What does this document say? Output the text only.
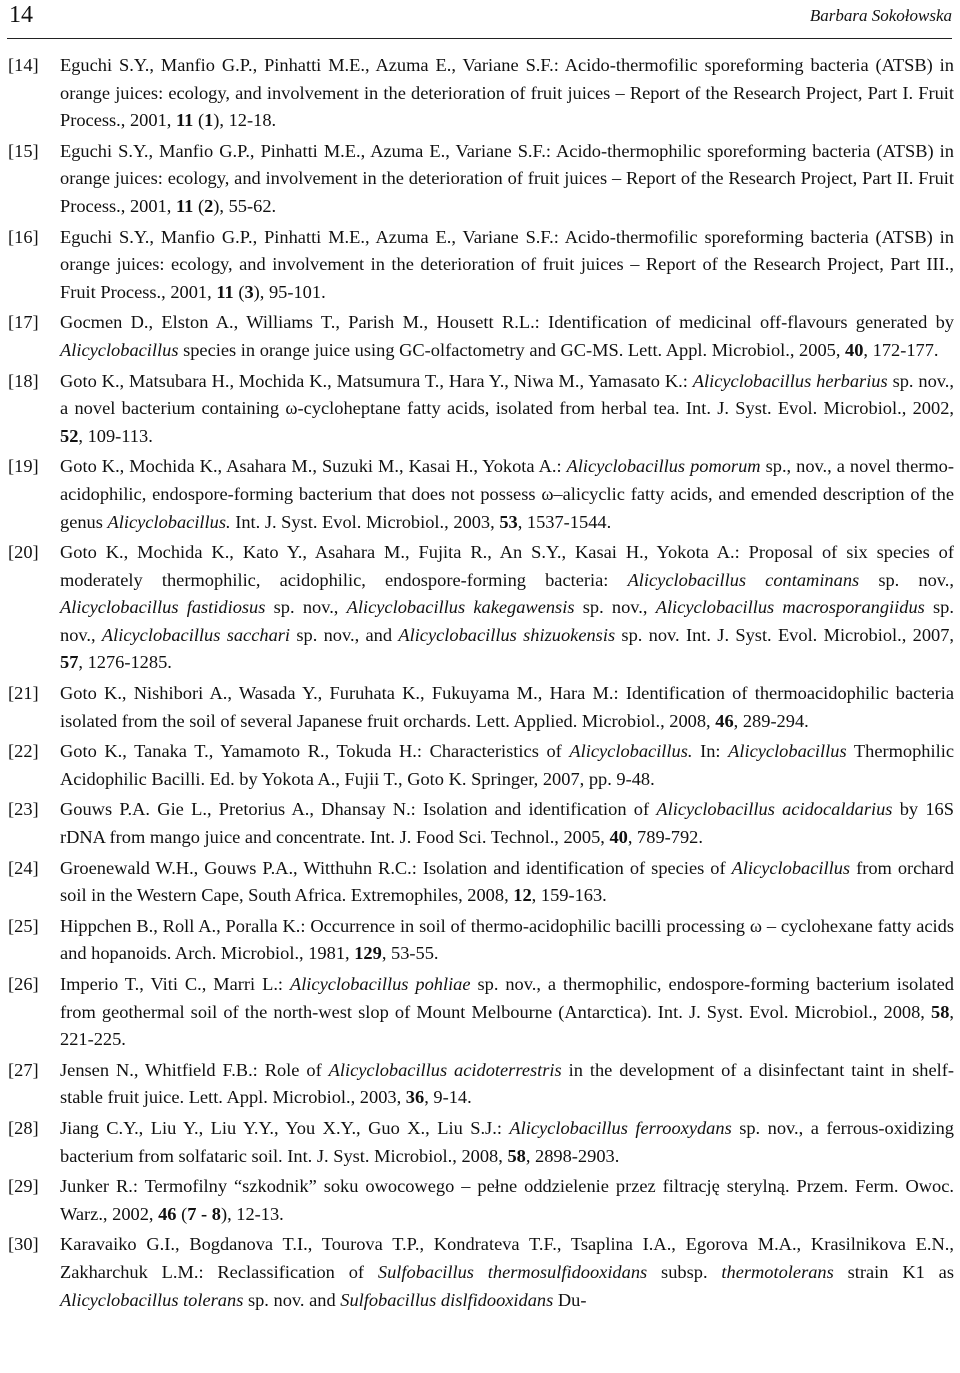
14	Barbara Sokołowska
[14] Eguchi S.Y., Manfio G.P., Pinhatti M.E., Azuma E., Variane S.F.: Acido-thermofilic sporeforming bacteria (ATSB) in orange juices: ecology, and involvement in the deterioration of fruit juices – Report of the Research Project, Part I. Fruit Process., 2001, 11 (1), 12-18.
[15] Eguchi S.Y., Manfio G.P., Pinhatti M.E., Azuma E., Variane S.F.: Acido-thermophilic sporeforming bacteria (ATSB) in orange juices: ecology, and involvement in the deterioration of fruit juices – Report of the Research Project, Part II. Fruit Process., 2001, 11 (2), 55-62.
[16] Eguchi S.Y., Manfio G.P., Pinhatti M.E., Azuma E., Variane S.F.: Acido-thermofilic sporeforming bacteria (ATSB) in orange juices: ecology, and involvement in the deterioration of fruit juices – Report of the Research Project, Part III., Fruit Process., 2001, 11 (3), 95-101.
[17] Gocmen D., Elston A., Williams T., Parish M., Housett R.L.: Identification of medicinal off-flavours generated by Alicyclobacillus species in orange juice using GC-olfactometry and GC-MS. Lett. Appl. Microbiol., 2005, 40, 172-177.
[18] Goto K., Matsubara H., Mochida K., Matsumura T., Hara Y., Niwa M., Yamasato K.: Alicyclobacillus herbarius sp. nov., a novel bacterium containing ω-cycloheptane fatty acids, isolated from herbal tea. Int. J. Syst. Evol. Microbiol., 2002, 52, 109-113.
[19] Goto K., Mochida K., Asahara M., Suzuki M., Kasai H., Yokota A.: Alicyclobacillus pomorum sp., nov., a novel thermo-acidophilic, endospore-forming bacterium that does not possess ω–alicyclic fatty acids, and emended description of the genus Alicyclobacillus. Int. J. Syst. Evol. Microbiol., 2003, 53, 1537-1544.
[20] Goto K., Mochida K., Kato Y., Asahara M., Fujita R., An S.Y., Kasai H., Yokota A.: Proposal of six species of moderately thermophilic, acidophilic, endospore-forming bacteria: Alicyclobacillus contaminans sp. nov., Alicyclobacillus fastidiosus sp. nov., Alicyclobacillus kakegawensis sp. nov., Alicyclobacillus macrosporangiidus sp. nov., Alicyclobacillus sacchari sp. nov., and Alicyclobacillus shizuokensis sp. nov. Int. J. Syst. Evol. Microbiol., 2007, 57, 1276-1285.
[21] Goto K., Nishibori A., Wasada Y., Furuhata K., Fukuyama M., Hara M.: Identification of thermoacidophilic bacteria isolated from the soil of several Japanese fruit orchards. Lett. Applied. Microbiol., 2008, 46, 289-294.
[22] Goto K., Tanaka T., Yamamoto R., Tokuda H.: Characteristics of Alicyclobacillus. In: Alicyclobacillus Thermophilic Acidophilic Bacilli. Ed. by Yokota A., Fujii T., Goto K. Springer, 2007, pp. 9-48.
[23] Gouws P.A. Gie L., Pretorius A., Dhansay N.: Isolation and identification of Alicyclobacillus acidocaldarius by 16S rDNA from mango juice and concentrate. Int. J. Food Sci. Technol., 2005, 40, 789-792.
[24] Groenewald W.H., Gouws P.A., Witthuhn R.C.: Isolation and identification of species of Alicyclobacillus from orchard soil in the Western Cape, South Africa. Extremophiles, 2008, 12, 159-163.
[25] Hippchen B., Roll A., Poralla K.: Occurrence in soil of thermo-acidophilic bacilli processing ω – cyclohexane fatty acids and hopanoids. Arch. Microbiol., 1981, 129, 53-55.
[26] Imperio T., Viti C., Marri L.: Alicyclobacillus pohliae sp. nov., a thermophilic, endospore-forming bacterium isolated from geothermal soil of the north-west slop of Mount Melbourne (Antarctica). Int. J. Syst. Evol. Microbiol., 2008, 58, 221-225.
[27] Jensen N., Whitfield F.B.: Role of Alicyclobacillus acidoterrestris in the development of a disinfectant taint in shelf-stable fruit juice. Lett. Appl. Microbiol., 2003, 36, 9-14.
[28] Jiang C.Y., Liu Y., Liu Y.Y., You X.Y., Guo X., Liu S.J.: Alicyclobacillus ferrooxydans sp. nov., a ferrous-oxidizing bacterium from solfataric soil. Int. J. Syst. Microbiol., 2008, 58, 2898-2903.
[29] Junker R.: Termofilny “szkodnik” soku owocowego – pełne oddzielenie przez filtrację sterylną. Przem. Ferm. Owoc. Warz., 2002, 46 (7 - 8), 12-13.
[30] Karavaiko G.I., Bogdanova T.I., Tourova T.P., Kondrateva T.F., Tsaplina I.A., Egorova M.A., Krasilnikova E.N., Zakharchuk L.M.: Reclassification of Sulfobacillus thermosulfidooxidans subsp. thermotolerans strain K1 as Alicyclobacillus tolerans sp. nov. and Sulfobacillus dislfidooxidans Du-
